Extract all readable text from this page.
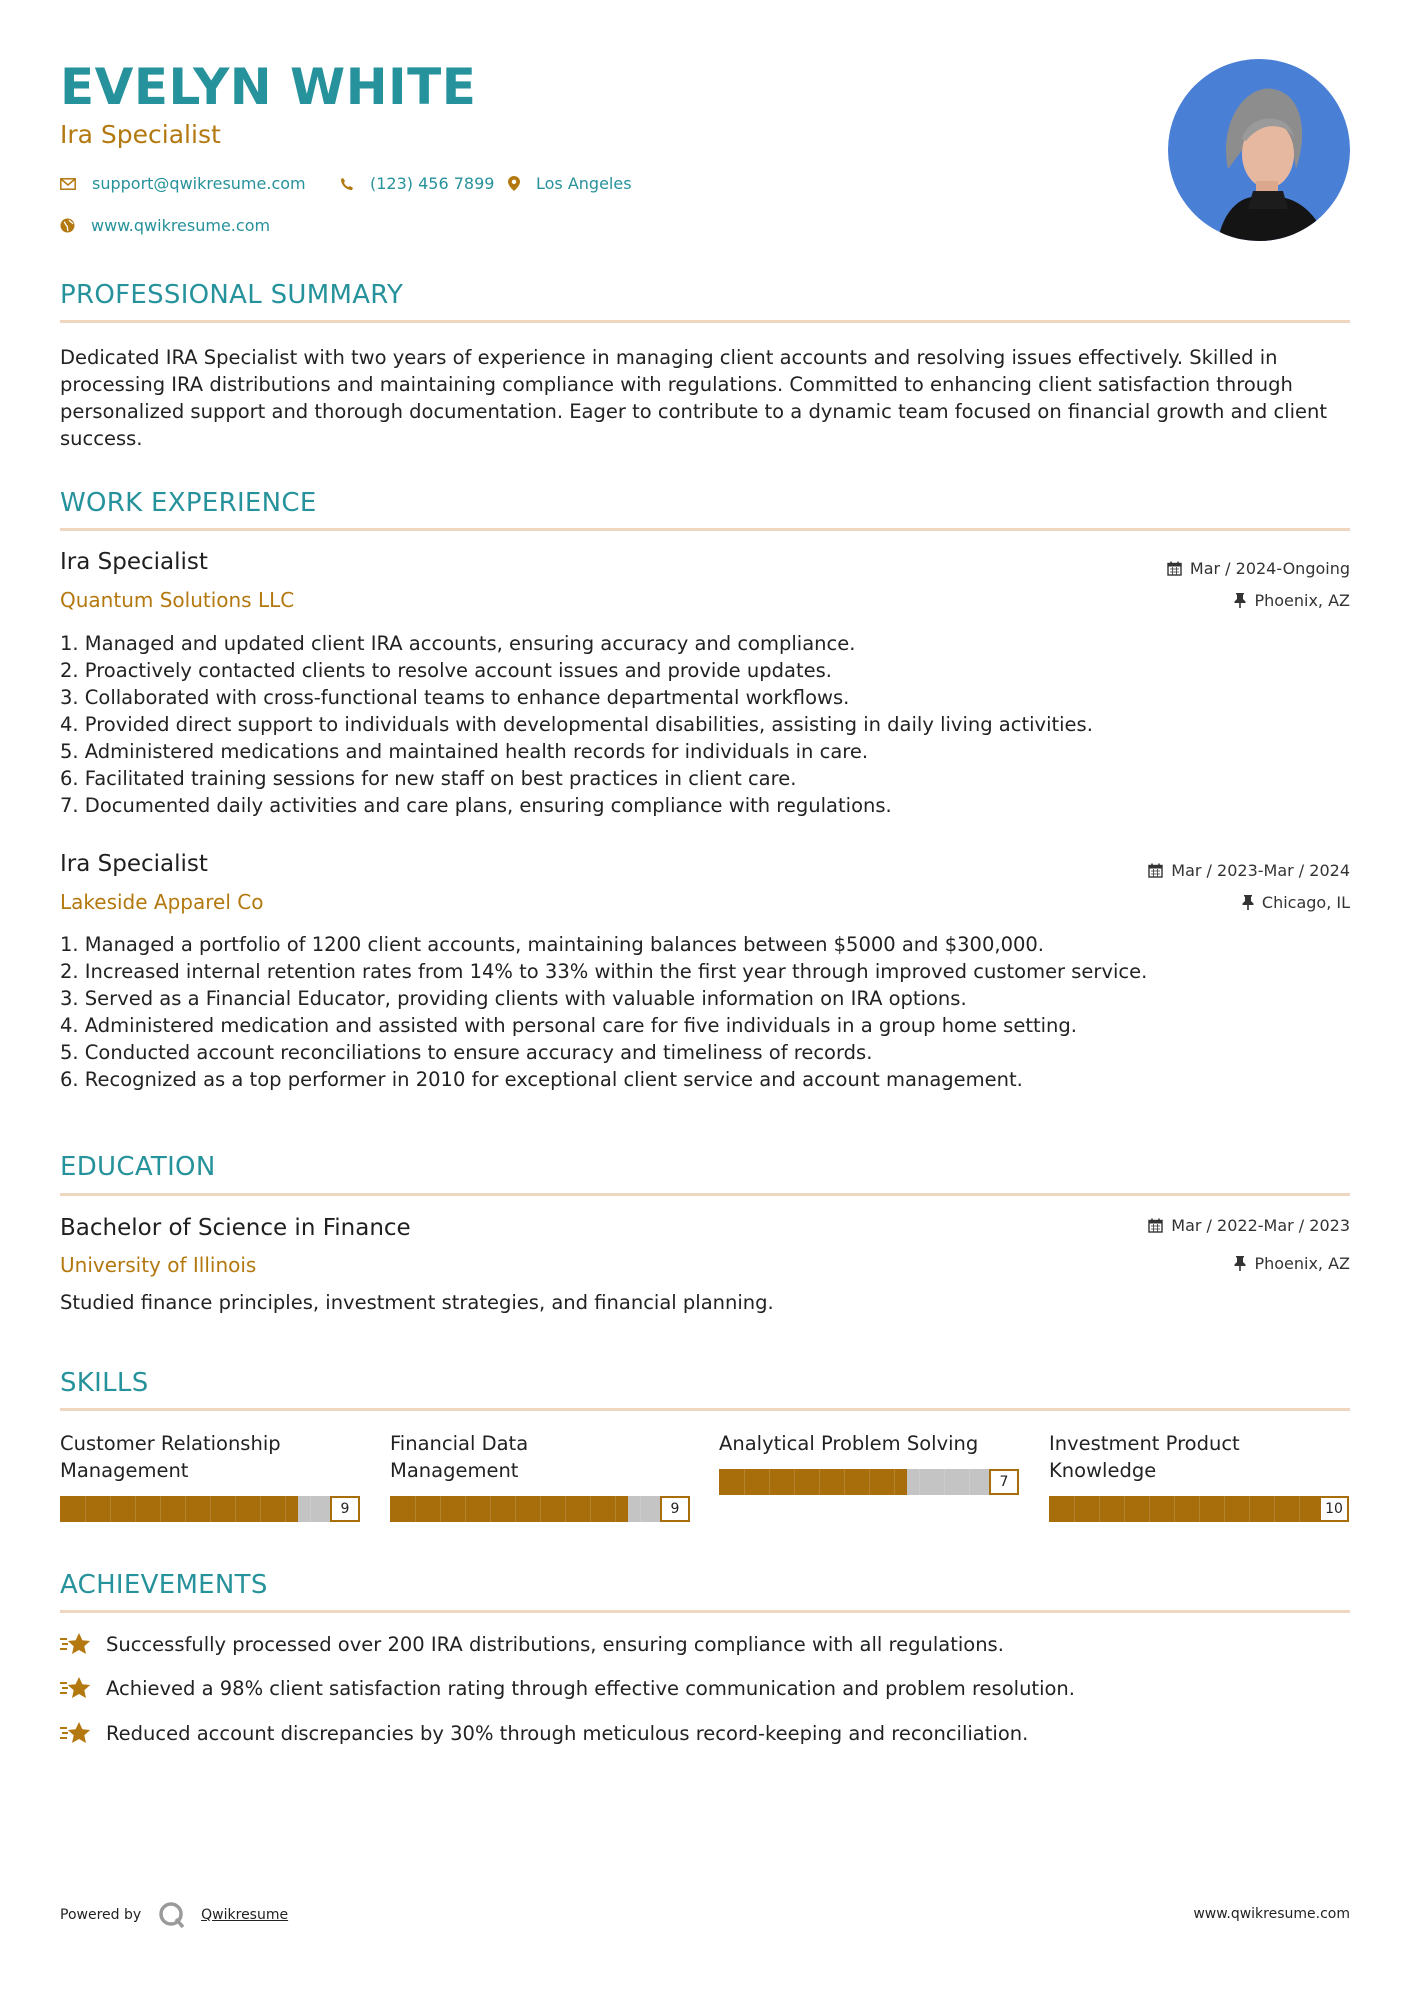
EVELYN WHITE
Ira Specialist
support@qwikresume.com	(123) 456 7899	Los Angeles
www.qwikresume.com
PROFESSIONAL SUMMARY
Dedicated IRA Specialist with two years of experience in managing client accounts and resolving issues effectively. Skilled in processing IRA distributions and maintaining compliance with regulations. Committed to enhancing client satisfaction through personalized support and thorough documentation. Eager to contribute to a dynamic team focused on financial growth and client success.
WORK EXPERIENCE
Ira Specialist
Quantum Solutions LLC
Mar / 2024-Ongoing
Phoenix, AZ
1. Managed and updated client IRA accounts, ensuring accuracy and compliance.
2. Proactively contacted clients to resolve account issues and provide updates.
3. Collaborated with cross-functional teams to enhance departmental workflows.
4. Provided direct support to individuals with developmental disabilities, assisting in daily living activities.
5. Administered medications and maintained health records for individuals in care.
6. Facilitated training sessions for new staff on best practices in client care.
7. Documented daily activities and care plans, ensuring compliance with regulations.
Ira Specialist
Lakeside Apparel Co
Mar / 2023-Mar / 2024
Chicago, IL
1. Managed a portfolio of 1200 client accounts, maintaining balances between $5000 and $300,000.
2. Increased internal retention rates from 14% to 33% within the first year through improved customer service.
3. Served as a Financial Educator, providing clients with valuable information on IRA options.
4. Administered medication and assisted with personal care for five individuals in a group home setting.
5. Conducted account reconciliations to ensure accuracy and timeliness of records.
6. Recognized as a top performer in 2010 for exceptional client service and account management.
EDUCATION
Bachelor of Science in Finance
University of Illinois
Mar / 2022-Mar / 2023
Phoenix, AZ
Studied finance principles, investment strategies, and financial planning.
SKILLS
Customer Relationship
Management
9
Financial Data
Management
9
Analytical Problem Solving
7
Investment Product
Knowledge
10
ACHIEVEMENTS
Successfully processed over 200 IRA distributions, ensuring compliance with all regulations.
Achieved a 98% client satisfaction rating through effective communication and problem resolution.
Reduced account discrepancies by 30% through meticulous record-keeping and reconciliation.
Powered by	Qwikresume	www.qwikresume.com
